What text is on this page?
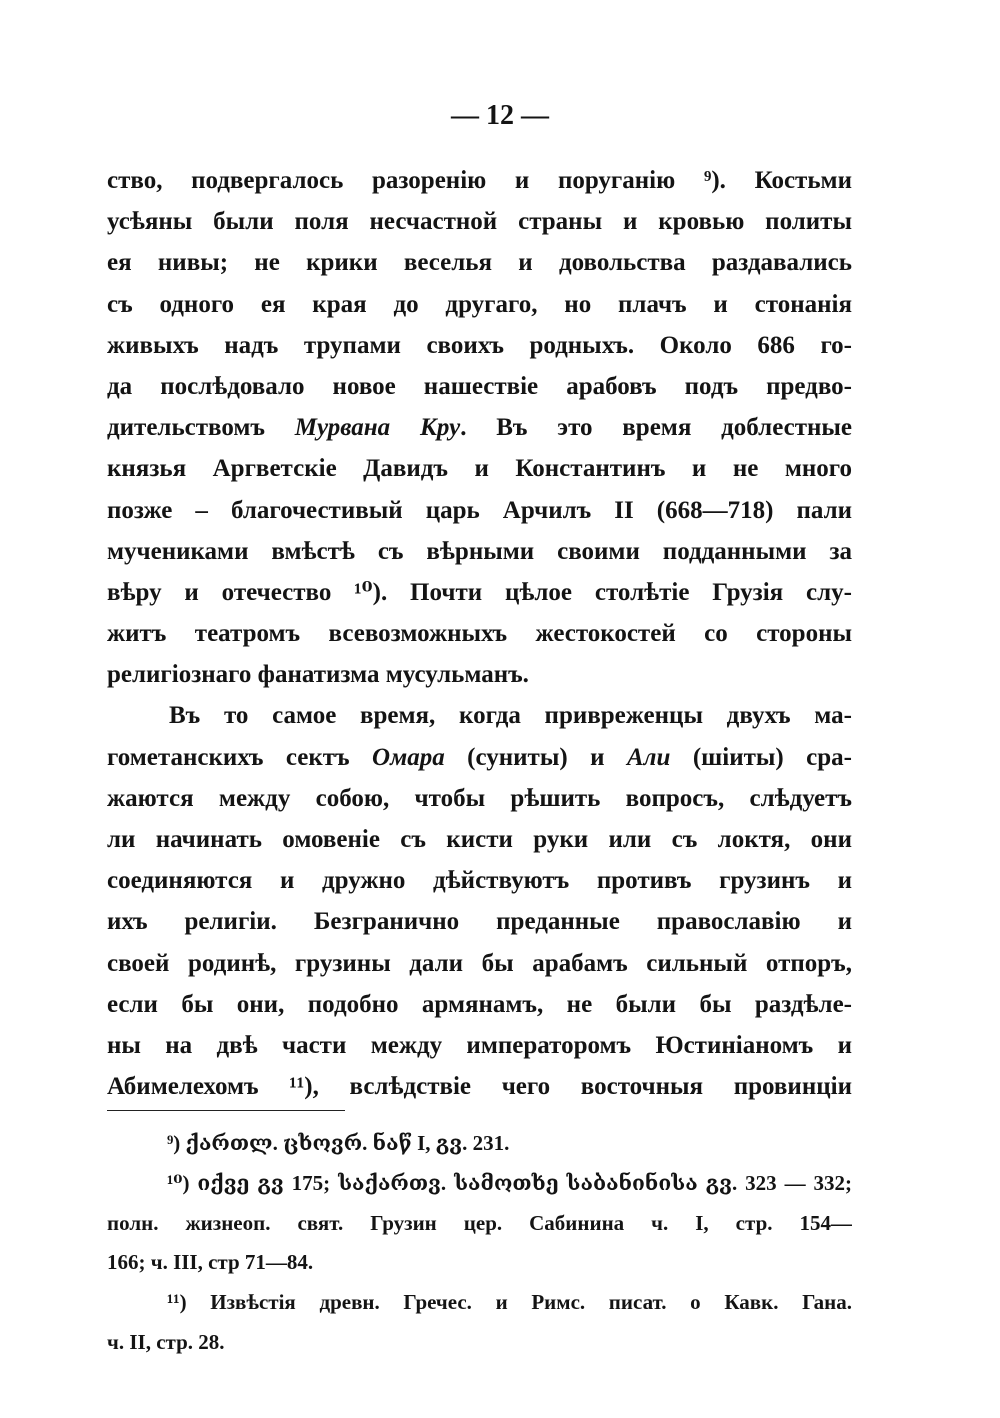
— 12 —
ство, подвергалось разоренію и поруганію ⁹). Костьми
усѣяны были поля несчастной страны и кровью политы
ея нивы; не крики веселья и довольства раздавались
съ одного ея края до другаго, но плачъ и стонанія
живыхъ надъ трупами своихъ родныхъ. Около 686 го-
да послѣдовало новое нашествіе арабовъ подъ предво-
дительствомъ Мурвана Кру. Въ это время доблестные
князья Аргветскіе Давидъ и Константинъ и не много
позже – благочестивый царь Арчилъ II (668—718) пали
мучениками вмѣстѣ съ вѣрными своими подданными за
вѣру и отечество ¹⁰). Почти цѣлое столѣтіе Грузія слу-
житъ театромъ всевозможныхъ жестокостей со стороны
религіознаго фанатизма мусульманъ.
Въ то самое время, когда привреженцы двухъ ма-
гометанскихъ сектъ Омара (суниты) и Али (шіиты) сра-
жаются между собою, чтобы рѣшить вопросъ, слѣдуетъ
ли начинать омовеніе съ кисти руки или съ локтя, они
соединяются и дружно дѣйствуютъ противъ грузинъ и
ихъ религіи. Безгранично преданные православію и
своей родинѣ, грузины дали бы арабамъ сильный отпоръ,
если бы они, подобно армянамъ, не были бы раздѣле-
ны на двѣ части между императоромъ Юстиніаномъ и
Абимелехомъ ¹¹), вслѣдствіе чего восточныя провинціи
⁹) ქართლ. ცხოვრ. ნაწ I, გვ. 231.
¹⁰) იქვე გვ 175; საქართვ. სამოთხე საბანინისა გვ. 323 — 332;
полн. жизнеоп. свят. Грузин цер. Сабинина ч. I, стр. 154—
166; ч. III, стр 71—84.
¹¹) Извѣстія древн. Гречес. и Римс. писат. о Кавк. Гана.
ч. II, стр. 28.
